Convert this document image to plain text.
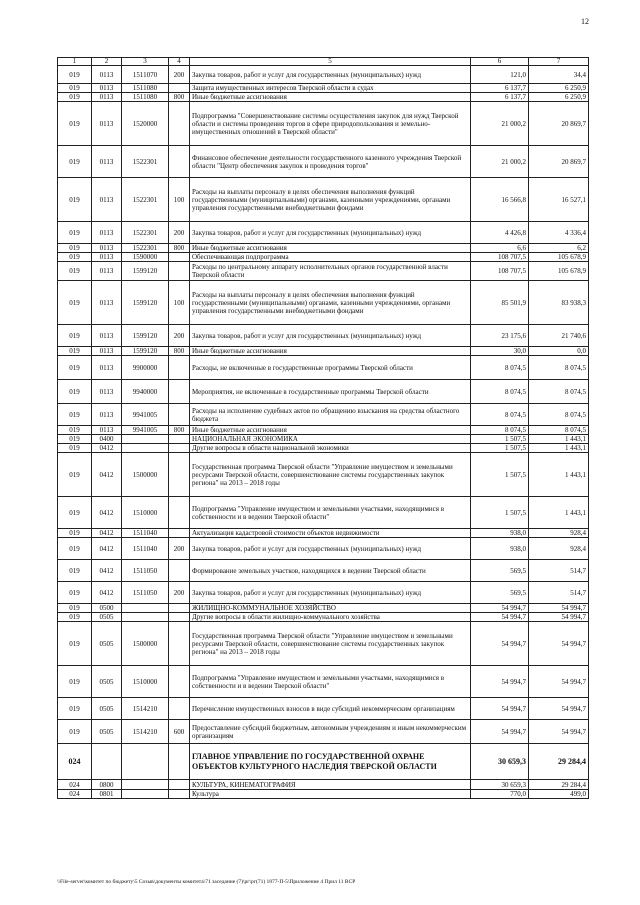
12
1	2	3	4	5	6	7
019	0113	1511070	200	Закупка товаров, работ и услуг для государственных (муниципальных) нужд	121,0	34,4
019	0113	1511080		Защита имущественных интересов Тверской области в судах	6 137,7	6 250,9
019	0113	1511080	800	Иные бюджетные ассигнования	6 137,7	6 250,9
019	0113	1520000		Подпрограмма "Совершенствование системы осуществления закупок для нужд Тверской области и системы проведения торгов в сфере природопользования и земельно-имущественных отношений в Тверской области"	21 000,2	20 869,7
019	0113	1522301		Финансовое обеспечение деятельности государственного казенного учреждения Тверской области "Центр обеспечения закупок и проведения торгов"	21 000,2	20 869,7
019	0113	1522301	100	Расходы на выплаты персоналу в целях обеспечения выполнения функций государственными (муниципальными) органами, казенными учреждениями, органами управления государственными внебюджетными фондами	16 566,8	16 527,1
019	0113	1522301	200	Закупка товаров, работ и услуг для государственных (муниципальных) нужд	4 426,8	4 336,4
019	0113	1522301	800	Иные бюджетные ассигнования	6,6	6,2
019	0113	1590000		Обеспечивающая подпрограмма	108 707,5	105 678,9
019	0113	1599120		Расходы по центральному аппарату исполнительных органов государственной власти Тверской области	108 707,5	105 678,9
019	0113	1599120	100	Расходы на выплаты персоналу в целях обеспечения выполнения функций государственными (муниципальными) органами, казенными учреждениями, органами управления государственными внебюджетными фондами	85 501,9	83 938,3
019	0113	1599120	200	Закупка товаров, работ и услуг для государственных (муниципальных) нужд	23 175,6	21 740,6
019	0113	1599120	800	Иные бюджетные ассигнования	30,0	0,0
019	0113	9900000		Расходы, не включенные в государственные программы Тверской области	8 074,5	8 074,5
019	0113	9940000		Мероприятия, не включенные в государственные программы Тверской области	8 074,5	8 074,5
019	0113	9941005		Расходы на исполнение судебных актов по обращению взыскания на средства областного бюджета	8 074,5	8 074,5
019	0113	9941005	800	Иные бюджетные ассигнования	8 074,5	8 074,5
019	0400			НАЦИОНАЛЬНАЯ ЭКОНОМИКА	1 507,5	1 443,1
019	0412			Другие вопросы в области национальной экономики	1 507,5	1 443,1
019	0412	1500000		Государственная программа Тверской области "Управление имуществом и земельными ресурсами Тверской области, совершенствование системы государственных закупок региона" на 2013 – 2018 годы	1 507,5	1 443,1
019	0412	1510000		Подпрограмма "Управление имуществом и земельными участками, находящимися в собственности и в ведении Тверской области"	1 507,5	1 443,1
019	0412	1511040		Актуализация кадастровой стоимости объектов недвижимости	938,0	928,4
019	0412	1511040	200	Закупка товаров, работ и услуг для государственных (муниципальных) нужд	938,0	928,4
019	0412	1511050		Формирование земельных участков, находящихся в ведении Тверской области	569,5	514,7
019	0412	1511050	200	Закупка товаров, работ и услуг для государственных (муниципальных) нужд	569,5	514,7
019	0500			ЖИЛИЩНО-КОММУНАЛЬНОЕ ХОЗЯЙСТВО	54 994,7	54 994,7
019	0505			Другие вопросы в области жилищно-коммунального хозяйства	54 994,7	54 994,7
019	0505	1500000		Государственная программа Тверской области "Управление имуществом и земельными ресурсами Тверской области, совершенствование системы государственных закупок региона" на 2013 – 2018 годы	54 994,7	54 994,7
019	0505	1510000		Подпрограмма "Управление имуществом и земельными участками, находящимися в собственности и в ведении Тверской области"	54 994,7	54 994,7
019	0505	1514210		Перечисление имущественных взносов в виде субсидий некоммерческим организациям	54 994,7	54 994,7
019	0505	1514210	600	Предоставление субсидий бюджетным, автономным учреждениям и иным некоммерческим организациям	54 994,7	54 994,7
024				ГЛАВНОЕ УПРАВЛЕНИЕ ПО ГОСУДАРСТВЕННОЙ ОХРАНЕ ОБЪЕКТОВ КУЛЬТУРНОГО НАСЛЕДИЯ ТВЕРСКОЙ ОБЛАСТИ	30 659,3	29 284,4
024	0800			КУЛЬТУРА, КИНЕМАТОГРАФИЯ	30 659,3	29 284,4
024	0801			Культура	770,0	499,0
\\File-server\комитет по бюджету\5 Созыв\документы комитета\71 заседание (7)\рг\рг(71) 1877-П-5\Приложение 4 Прил 11 ВСР
